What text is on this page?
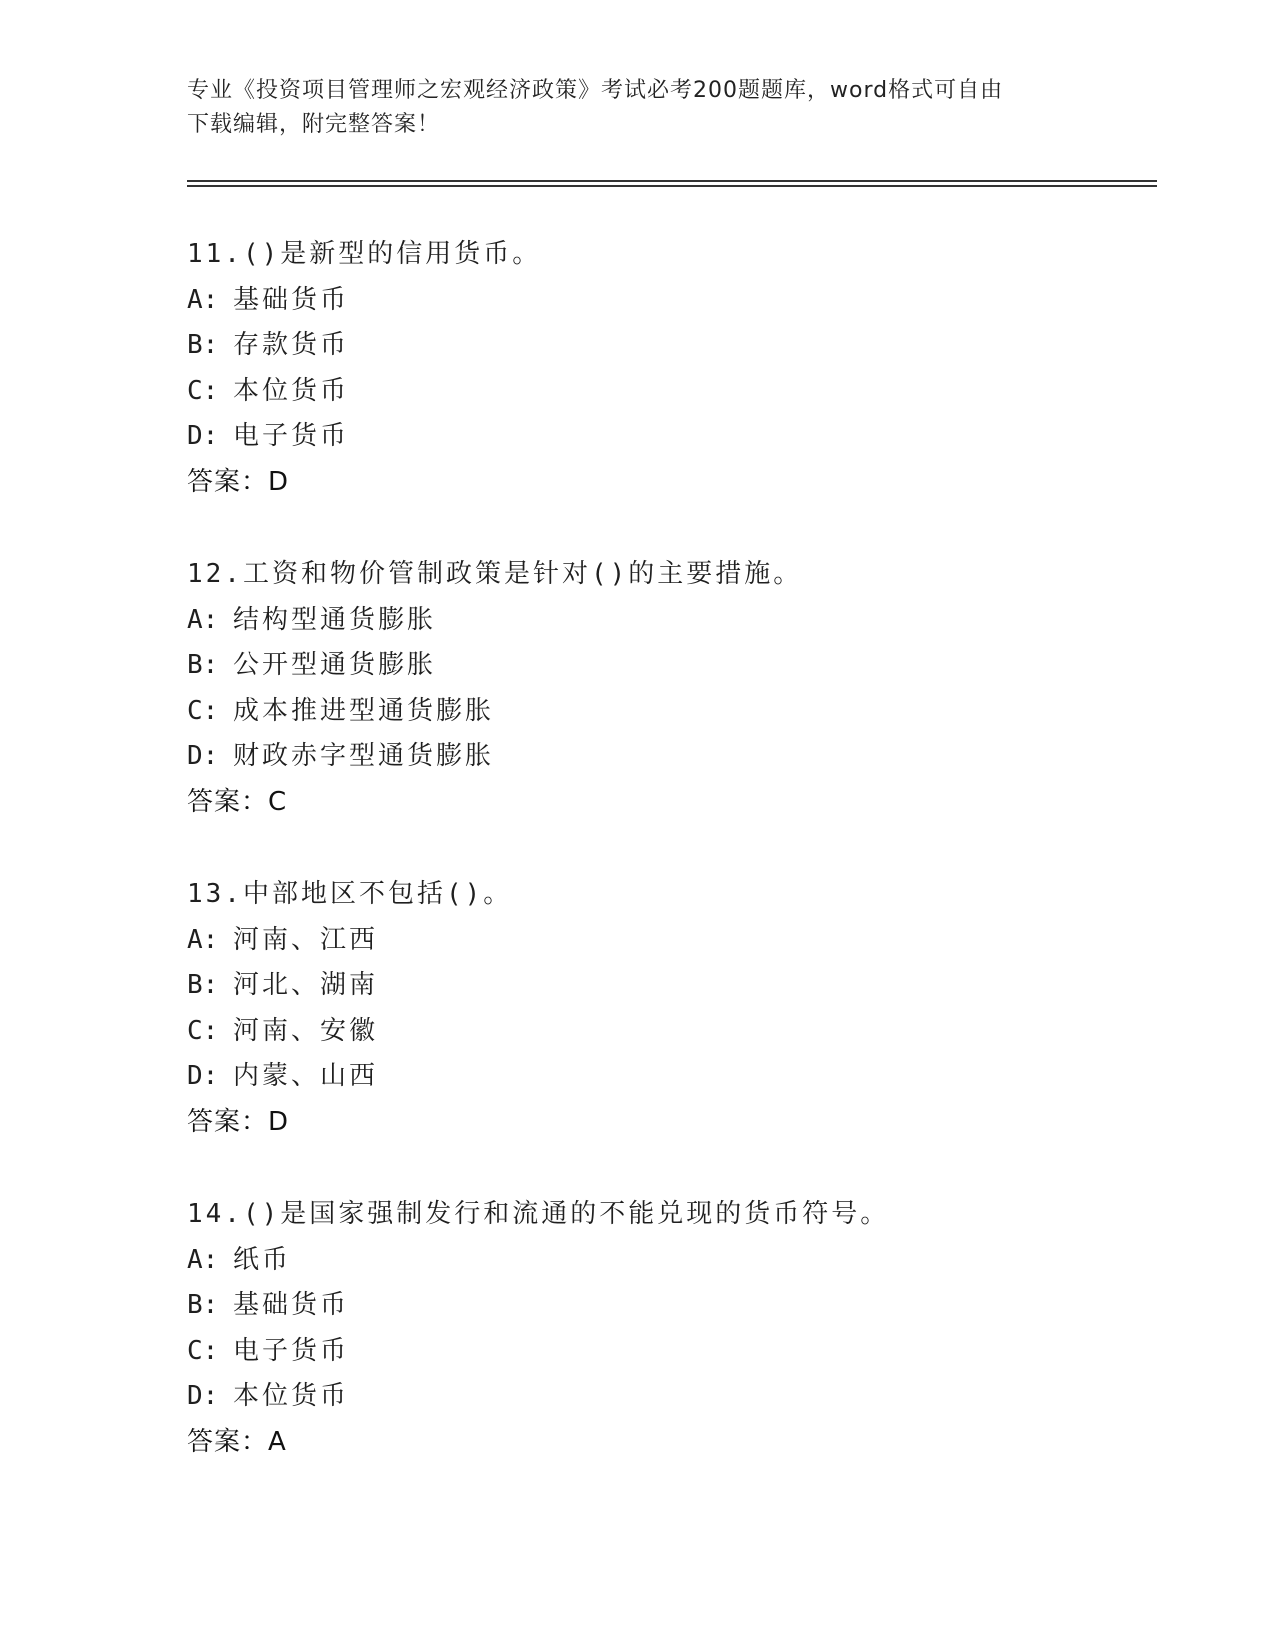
专业《投资项目管理师之宏观经济政策》考试必考200题题库，word格式可自由
下载编辑，附完整答案！
11.()是新型的信用货币。
A: 基础货币
B: 存款货币
C: 本位货币
D: 电子货币
答案：D
12.工资和物价管制政策是针对()的主要措施。
A: 结构型通货膨胀
B: 公开型通货膨胀
C: 成本推进型通货膨胀
D: 财政赤字型通货膨胀
答案：C
13.中部地区不包括()。
A: 河南、江西
B: 河北、湖南
C: 河南、安徽
D: 内蒙、山西
答案：D
14.()是国家强制发行和流通的不能兑现的货币符号。
A: 纸币
B: 基础货币
C: 电子货币
D: 本位货币
答案：A
